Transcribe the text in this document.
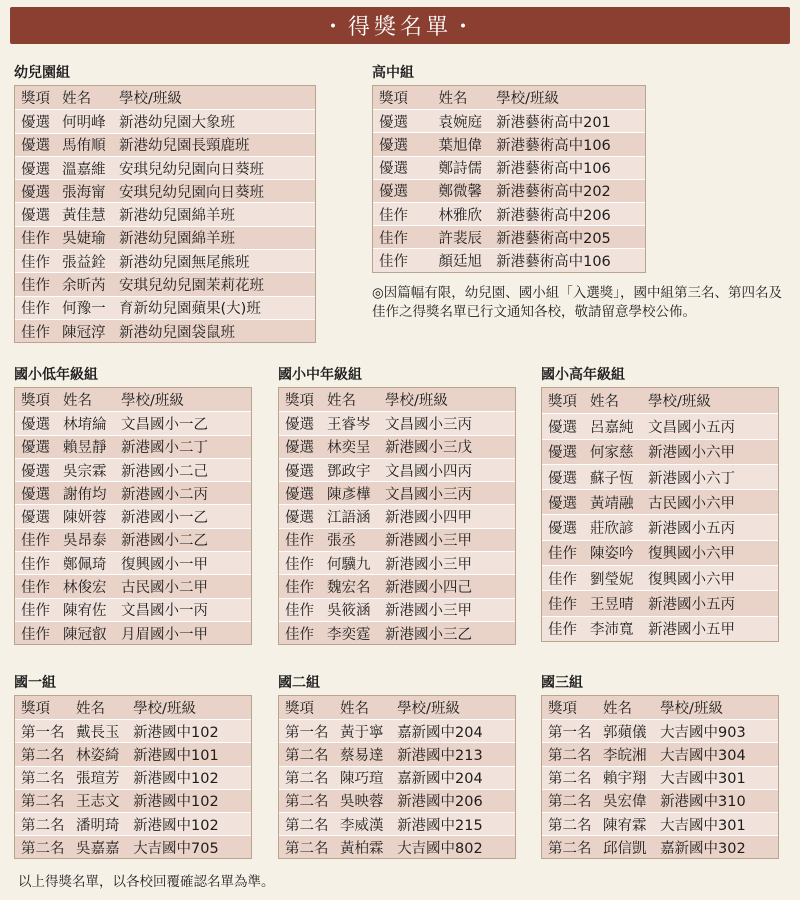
・得獎名單・
幼兒園組
獎項 姓名	學校/班級
優選 何明峰 新港幼兒園大象班
優選 馬侑順 新港幼兒園長頸鹿班
優選 溫嘉維 安琪兒幼兒園向日葵班
優選 張海甯 安琪兒幼兒園向日葵班
優選 黃佳慧 新港幼兒園綿羊班
佳作 吳婕瑜 新港幼兒園綿羊班
佳作 張益銓 新港幼兒園無尾熊班
佳作 余昕芮 安琪兒幼兒園茉莉花班
佳作 何豫一 育新幼兒園蘋果(大)班
佳作 陳冠淳 新港幼兒園袋鼠班
高中組
獎項	姓名	學校/班級
優選	袁婉庭 新港藝術高中201
優選	葉旭偉 新港藝術高中106
優選	鄭詩儒 新港藝術高中106
優選	鄭微馨 新港藝術高中202
佳作	林雅欣 新港藝術高中206
佳作	許裴辰 新港藝術高中205
佳作	顏廷旭 新港藝術高中106
國小低年級組
獎項 姓名	學校/班級
優選 林堉綸	文昌國小一乙
優選 賴昱靜	新港國小二丁
優選 吳宗霖	新港國小二己
優選 謝侑均	新港國小二丙
優選 陳妍蓉	新港國小一乙
佳作 吳昂泰	新港國小二乙
佳作 鄭佩琦	復興國小一甲
佳作 林俊宏	古民國小二甲
佳作 陳宥佐	文昌國小一丙
佳作 陳冠叡	月眉國小一甲
國小中年級組
獎項 姓名	學校/班級
優選 王睿岑	文昌國小三丙
優選 林奕呈	新港國小三戊
優選 鄧政宇	文昌國小四丙
優選 陳彥樺	文昌國小三丙
優選 江語涵	新港國小四甲
佳作 張丞	新港國小三甲
佳作 何驥九	新港國小三甲
佳作 魏宏名	新港國小四己
佳作 吳筱涵	新港國小三甲
佳作 李奕霆	新港國小三乙
國小高年級組
獎項 姓名	學校/班級
優選 呂嘉純	文昌國小五丙
優選 何家慈	新港國小六甲
優選 蘇子恆	新港國小六丁
優選 黃靖融	古民國小六甲
優選 莊欣諺	新港國小五丙
佳作 陳姿吟	復興國小六甲
佳作 劉瑩妮	復興國小六甲
佳作 王昱晴	新港國小五丙
佳作 李沛寬	新港國小五甲
國一組
獎項	姓名	學校/班級
第一名 戴長玉 新港國中102
第二名 林姿綺 新港國中101
第二名 張瑄芳 新港國中102
第二名 王志文 新港國中102
第二名 潘明琦 新港國中102
第二名 吳嘉嘉 大吉國中705
國二組
獎項	姓名	學校/班級
第一名 黃于寧 嘉新國中204
第二名 蔡易達 新港國中213
第二名 陳巧瑄 嘉新國中204
第二名 吳映蓉 新港國中206
第二名 李威漢 新港國中215
第二名 黃柏霖 大吉國中802
國三組
獎項	姓名	學校/班級
第一名 郭蘋儀 大吉國中903
第二名 李皖湘 大吉國中304
第二名 賴宇翔 大吉國中301
第二名 吳宏偉 新港國中310
第二名 陳宥霖 大吉國中301
第二名 邱信凱 嘉新國中302
◎因篇幅有限，幼兒園、國小組「入選獎」，國中組第三名、第四名及佳作之得獎名單已行文通知各校，敬請留意學校公佈。
以上得獎名單，以各校回覆確認名單為準。
